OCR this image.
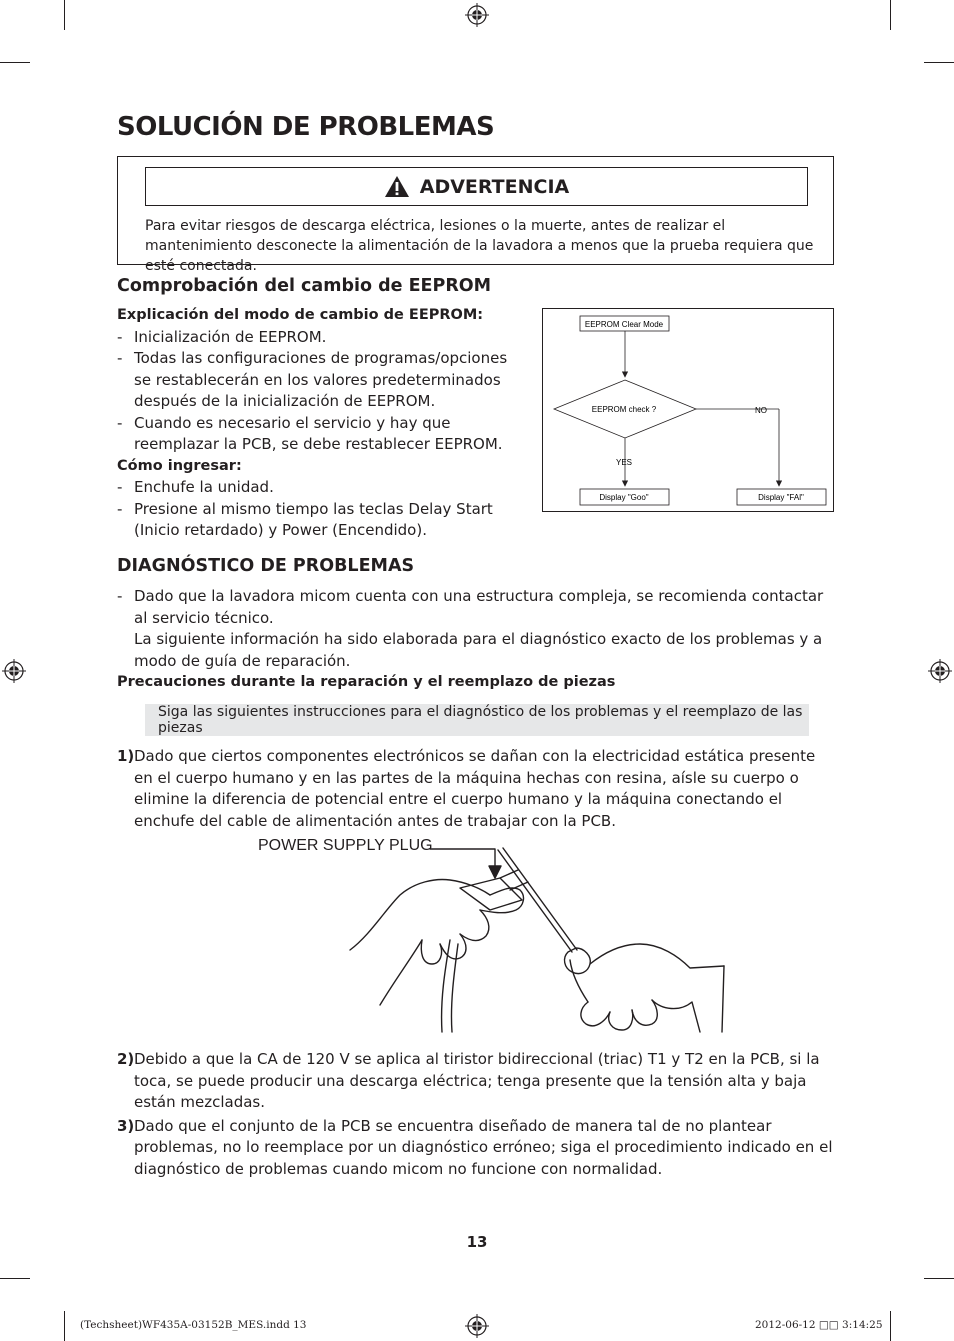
SOLUCIÓN DE PROBLEMAS
ADVERTENCIA
Para evitar riesgos de descarga eléctrica, lesiones o la muerte, antes de realizar el mantenimiento desconecte la alimentación de la lavadora a menos que la prueba requiera que esté conectada.
Comprobación del cambio de EEPROM
Explicación del modo de cambio de EEPROM:
- Inicialización de EEPROM.
- Todas las configuraciones de programas/opciones se restablecerán en los valores predeterminados después de la inicialización de EEPROM.
- Cuando es necesario el servicio y hay que reemplazar la PCB, se debe restablecer EEPROM.
Cómo ingresar:
- Enchufe la unidad.
- Presione al mismo tiempo las teclas Delay Start (Inicio retardado) y Power (Encendido).
EEPROM Clear Mode
EEPROM check ?
YES
NO
Display "Goo"	Display "FAl"
DIAGNÓSTICO DE PROBLEMAS
- Dado que la lavadora micom cuenta con una estructura compleja, se recomienda contactar al servicio técnico.
La siguiente información ha sido elaborada para el diagnóstico exacto de los problemas y a modo de guía de reparación.
Precauciones durante la reparación y el reemplazo de piezas
Siga las siguientes instrucciones para el diagnóstico de los problemas y el reemplazo de las piezas
1) Dado que ciertos componentes electrónicos se dañan con la electricidad estática presente en el cuerpo humano y en las partes de la máquina hechas con resina, aísle su cuerpo o elimine la diferencia de potencial entre el cuerpo humano y la máquina conectando el enchufe del cable de alimentación antes de trabajar con la PCB.
POWER SUPPLY PLUG
2) Debido a que la CA de 120 V se aplica al tiristor bidireccional (triac) T1 y T2 en la PCB, si la toca, se puede producir una descarga eléctrica; tenga presente que la tensión alta y baja están mezcladas.
3) Dado que el conjunto de la PCB se encuentra diseñado de manera tal de no plantear problemas, no lo reemplace por un diagnóstico erróneo; siga el procedimiento indicado en el diagnóstico de problemas cuando micom no funcione con normalidad.
13
(Techsheet)WF435A-03152B_MES.indd 13	2012-06-12 □□ 3:14:25
